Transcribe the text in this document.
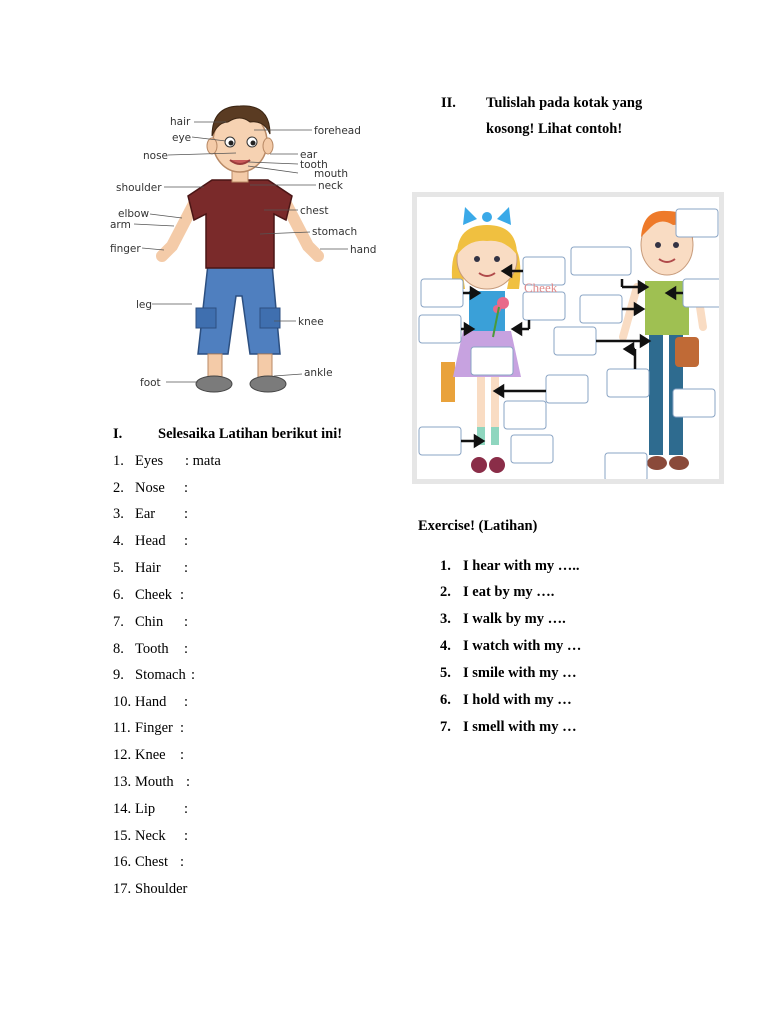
hair
eye
nose
shoulder
elbow
arm
finger
leg
foot
forehead
ear
tooth
mouth
neck
chest
stomach
hand
knee
ankle
I. Selesaika Latihan berikut ini!
1. Eyes : mata
2. Nose :
3. Ear :
4. Head :
5. Hair :
6. Cheek :
7. Chin :
8. Tooth :
9. Stomach :
10. Hand :
11. Finger :
12. Knee :
13. Mouth :
14. Lip :
15. Neck :
16. Chest :
17. Shoulder
II. Tulislah pada kotak yang
kosong! Lihat contoh!
Cheek
Exercise! (Latihan)
1. I hear with my …..
2. I eat by my ….
3. I walk by my ….
4. I watch with my …
5. I smile with my …
6. I hold with my …
7. I smell with my …
